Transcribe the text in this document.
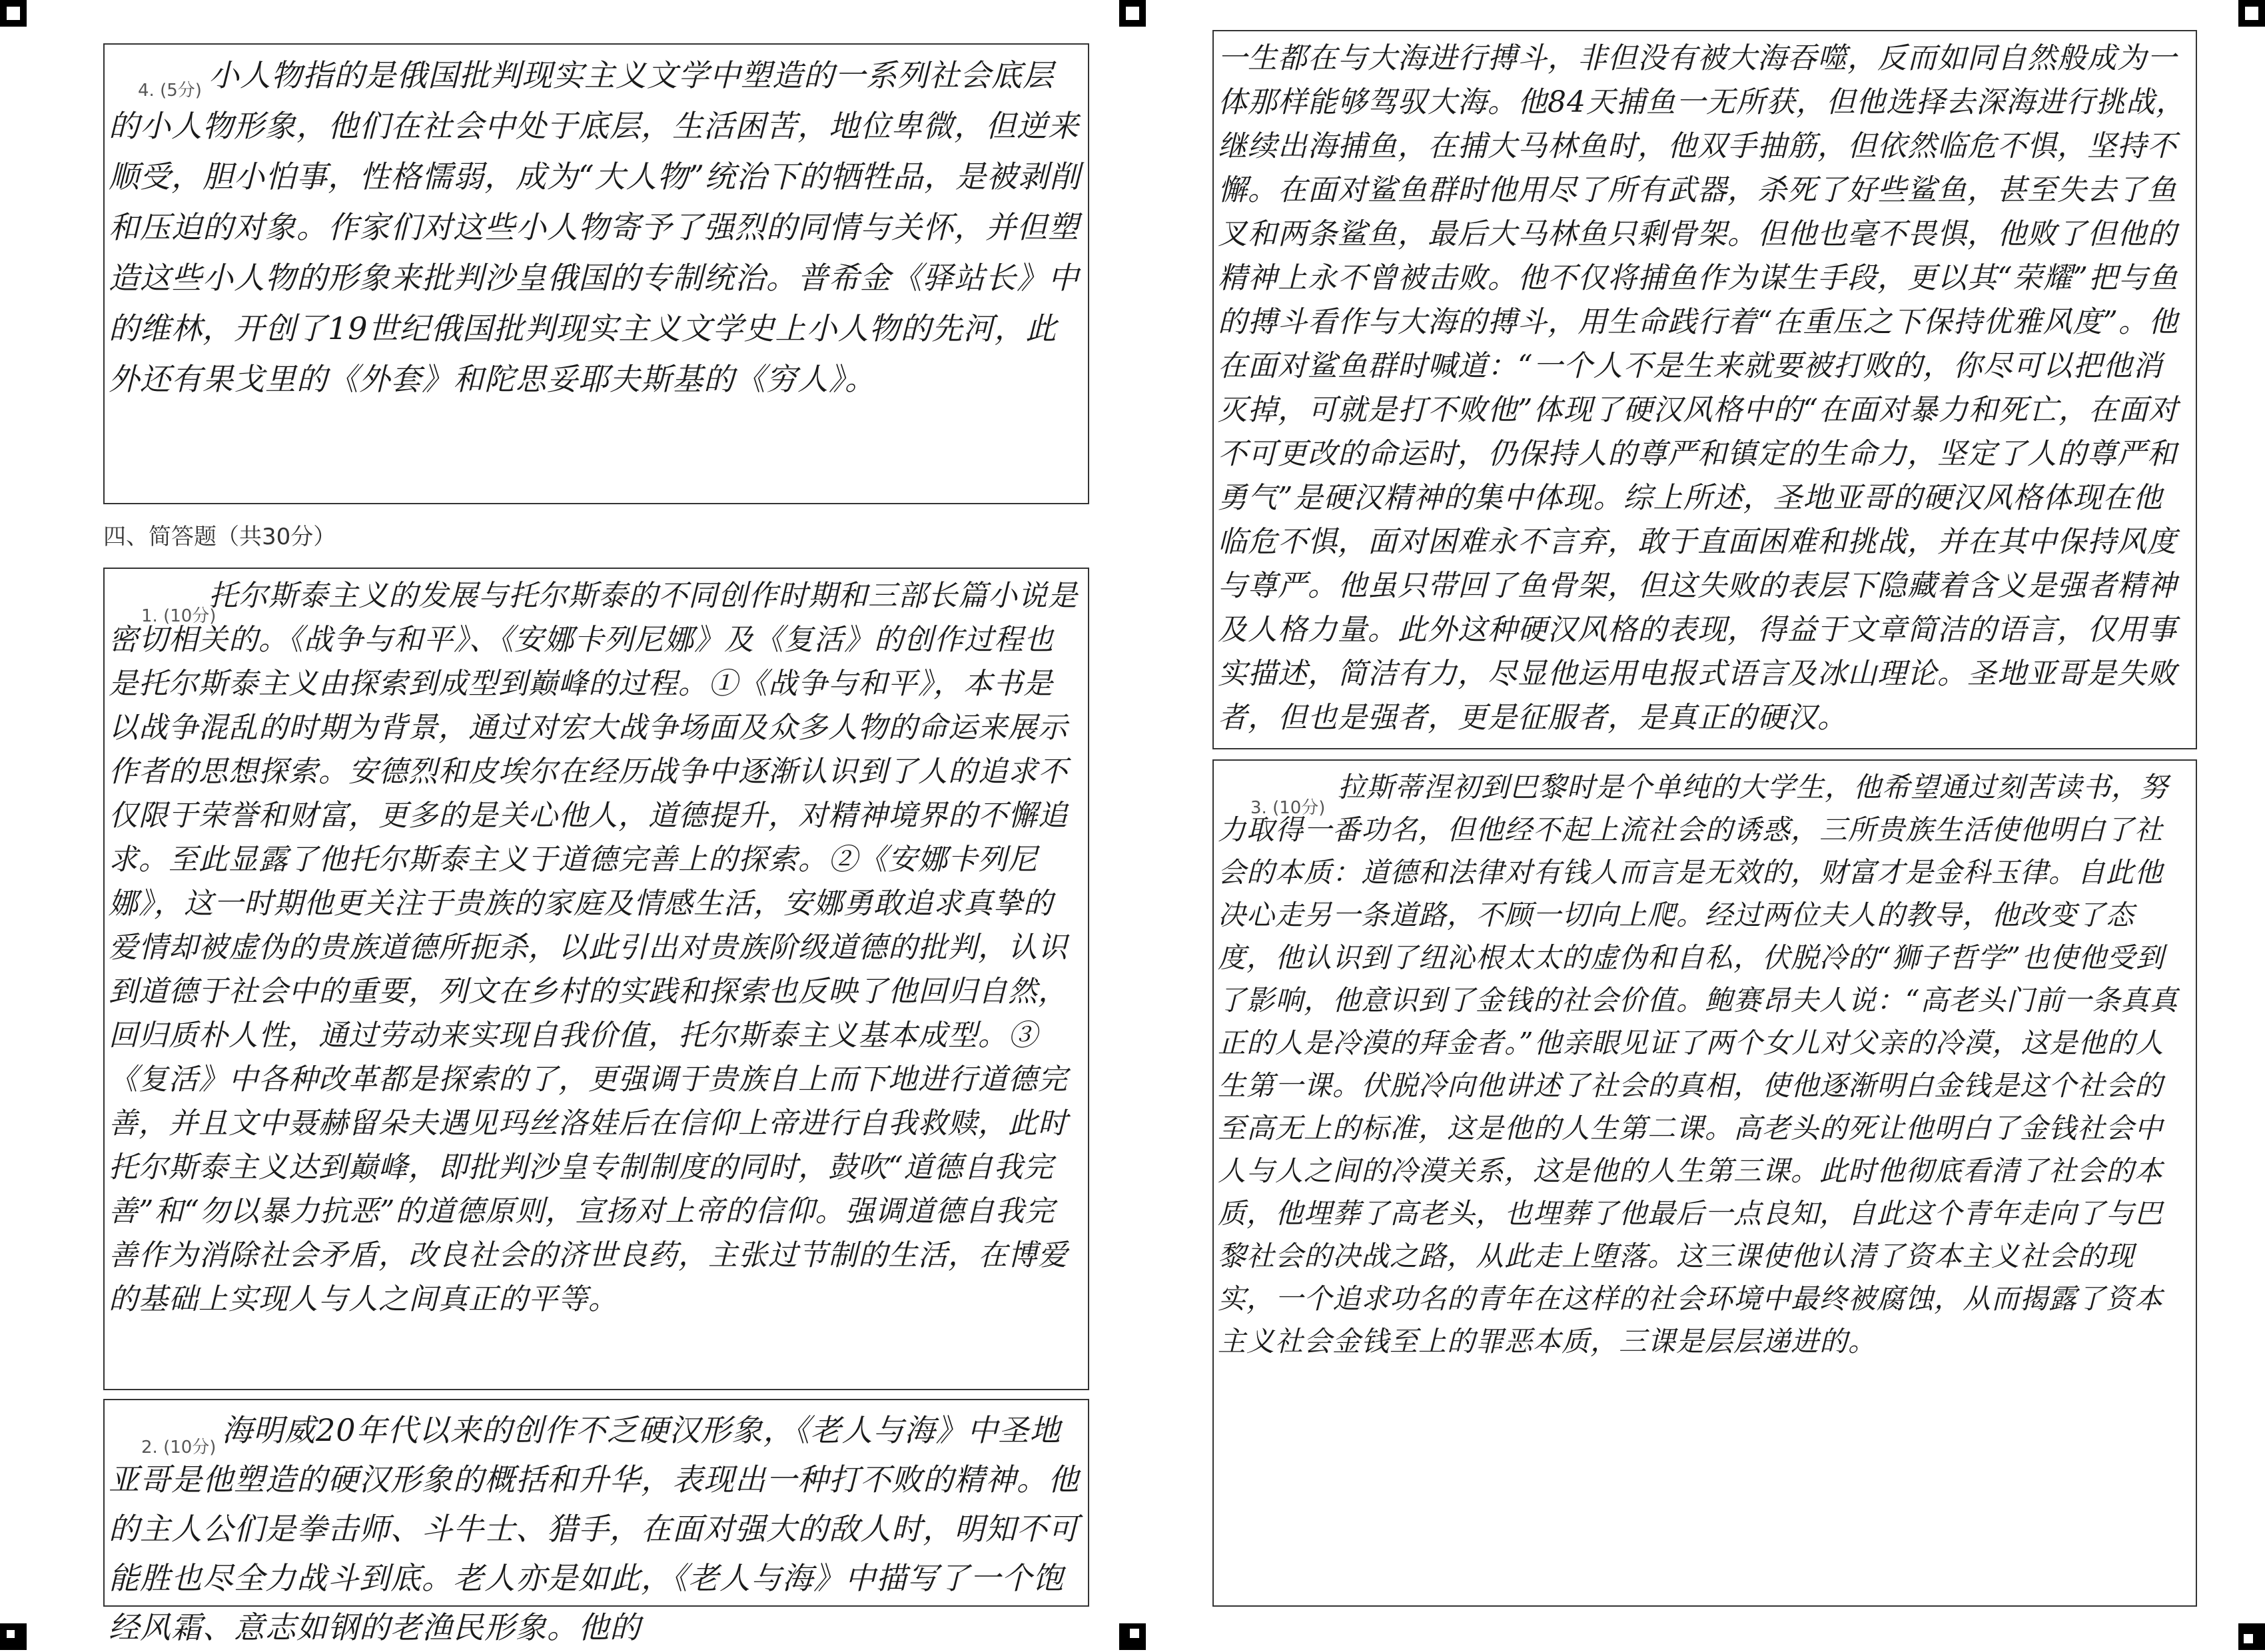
4. (5分) 小人物指的是俄国批判现实主义文学中塑造的一系列社会底层的小人物形象，他们在社会中处于底层，生活困苦，地位卑微，但逆来顺受，胆小怕事，性格懦弱，成为“大人物”统治下的牺牲品，是被剥削和压迫的对象。作家们对这些小人物寄予了强烈的同情与关怀，并但塑造这些小人物的形象来批判沙皇俄国的专制统治。普希金《驿站长》中的维林，开创了19世纪俄国批判现实主义文学史上小人物的先河，此外还有果戈里的《外套》和陀思妥耶夫斯基的《穷人》。
四、简答题（共30分）
1. (10分)
托尔斯泰主义的发展与托尔斯泰的不同创作时期和三部长篇小说是密切相关的。《战争与和平》、《安娜卡列尼娜》及《复活》的创作过程也是托尔斯泰主义由探索到成型到巅峰的过程。①《战争与和平》，本书是以战争混乱的时期为背景，通过对宏大战争场面及众多人物的命运来展示作者的思想探索。安德烈和皮埃尔在经历战争中逐渐认识到了人的追求不仅限于荣誉和财富，更多的是关心他人，道德提升，对精神境界的不懈追求。至此显露了他托尔斯泰主义于道德完善上的探索。②《安娜卡列尼娜》，这一时期他更关注于贵族的家庭及情感生活，安娜勇敢追求真挚的爱情却被虚伪的贵族道德所扼杀，以此引出对贵族阶级道德的批判，认识到道德于社会中的重要，列文在乡村的实践和探索也反映了他回归自然，回归质朴人性，通过劳动来实现自我价值，托尔斯泰主义基本成型。③《复活》中各种改革都是探索的了，更强调于贵族自上而下地进行道德完善，并且文中聂赫留朵夫遇见玛丝洛娃后在信仰上帝进行自我救赎，此时托尔斯泰主义达到巅峰，即批判沙皇专制制度的同时，鼓吹“道德自我完善”和“勿以暴力抗恶”的道德原则，宣扬对上帝的信仰。强调道德自我完善作为消除社会矛盾，改良社会的济世良药，主张过节制的生活，在博爱的基础上实现人与人之间真正的平等。
2. (10分) 海明威20年代以来的创作不乏硬汉形象，《老人与海》中圣地亚哥是他塑造的硬汉形象的概括和升华，表现出一种打不败的精神。他的主人公们是拳击师、斗牛士、猎手，在面对强大的敌人时，明知不可能胜也尽全力战斗到底。老人亦是如此，《老人与海》中描写了一个饱经风霜、意志如钢的老渔民形象。他的
一生都在与大海进行搏斗，非但没有被大海吞噬，反而如同自然般成为一体那样能够驾驭大海。他84天捕鱼一无所获，但他选择去深海进行挑战，继续出海捕鱼，在捕大马林鱼时，他双手抽筋，但依然临危不惧，坚持不懈。在面对鲨鱼群时他用尽了所有武器，杀死了好些鲨鱼，甚至失去了鱼叉和两条鲨鱼，最后大马林鱼只剩骨架。但他也毫不畏惧，他败了但他的精神上永不曾被击败。他不仅将捕鱼作为谋生手段，更以其“荣耀”把与鱼的搏斗看作与大海的搏斗，用生命践行着“在重压之下保持优雅风度”。他在面对鲨鱼群时喊道：“一个人不是生来就要被打败的，你尽可以把他消灭掉，可就是打不败他”体现了硬汉风格中的“在面对暴力和死亡，在面对不可更改的命运时，仍保持人的尊严和镇定的生命力，坚定了人的尊严和勇气”是硬汉精神的集中体现。综上所述，圣地亚哥的硬汉风格体现在他临危不惧，面对困难永不言弃，敢于直面困难和挑战，并在其中保持风度与尊严。他虽只带回了鱼骨架，但这失败的表层下隐藏着含义是强者精神及人格力量。此外这种硬汉风格的表现，得益于文章简洁的语言，仅用事实描述，简洁有力，尽显他运用电报式语言及冰山理论。圣地亚哥是失败者，但也是强者，更是征服者，是真正的硬汉。
3. (10分)
拉斯蒂涅初到巴黎时是个单纯的大学生，他希望通过刻苦读书，努力取得一番功名，但他经不起上流社会的诱惑，三所贵族生活使他明白了社会的本质：道德和法律对有钱人而言是无效的，财富才是金科玉律。自此他决心走另一条道路，不顾一切向上爬。经过两位夫人的教导，他改变了态度，他认识到了纽沁根太太的虚伪和自私，伏脱冷的“狮子哲学”也使他受到了影响，他意识到了金钱的社会价值。鲍赛昂夫人说：“高老头门前一条真真正的人是冷漠的拜金者。”他亲眼见证了两个女儿对父亲的冷漠，这是他的人生第一课。伏脱冷向他讲述了社会的真相，使他逐渐明白金钱是这个社会的至高无上的标准，这是他的人生第二课。高老头的死让他明白了金钱社会中人与人之间的冷漠关系，这是他的人生第三课。此时他彻底看清了社会的本质，他埋葬了高老头，也埋葬了他最后一点良知，自此这个青年走向了与巴黎社会的决战之路，从此走上堕落。这三课使他认清了资本主义社会的现实，一个追求功名的青年在这样的社会环境中最终被腐蚀，从而揭露了资本主义社会金钱至上的罪恶本质，三课是层层递进的。
